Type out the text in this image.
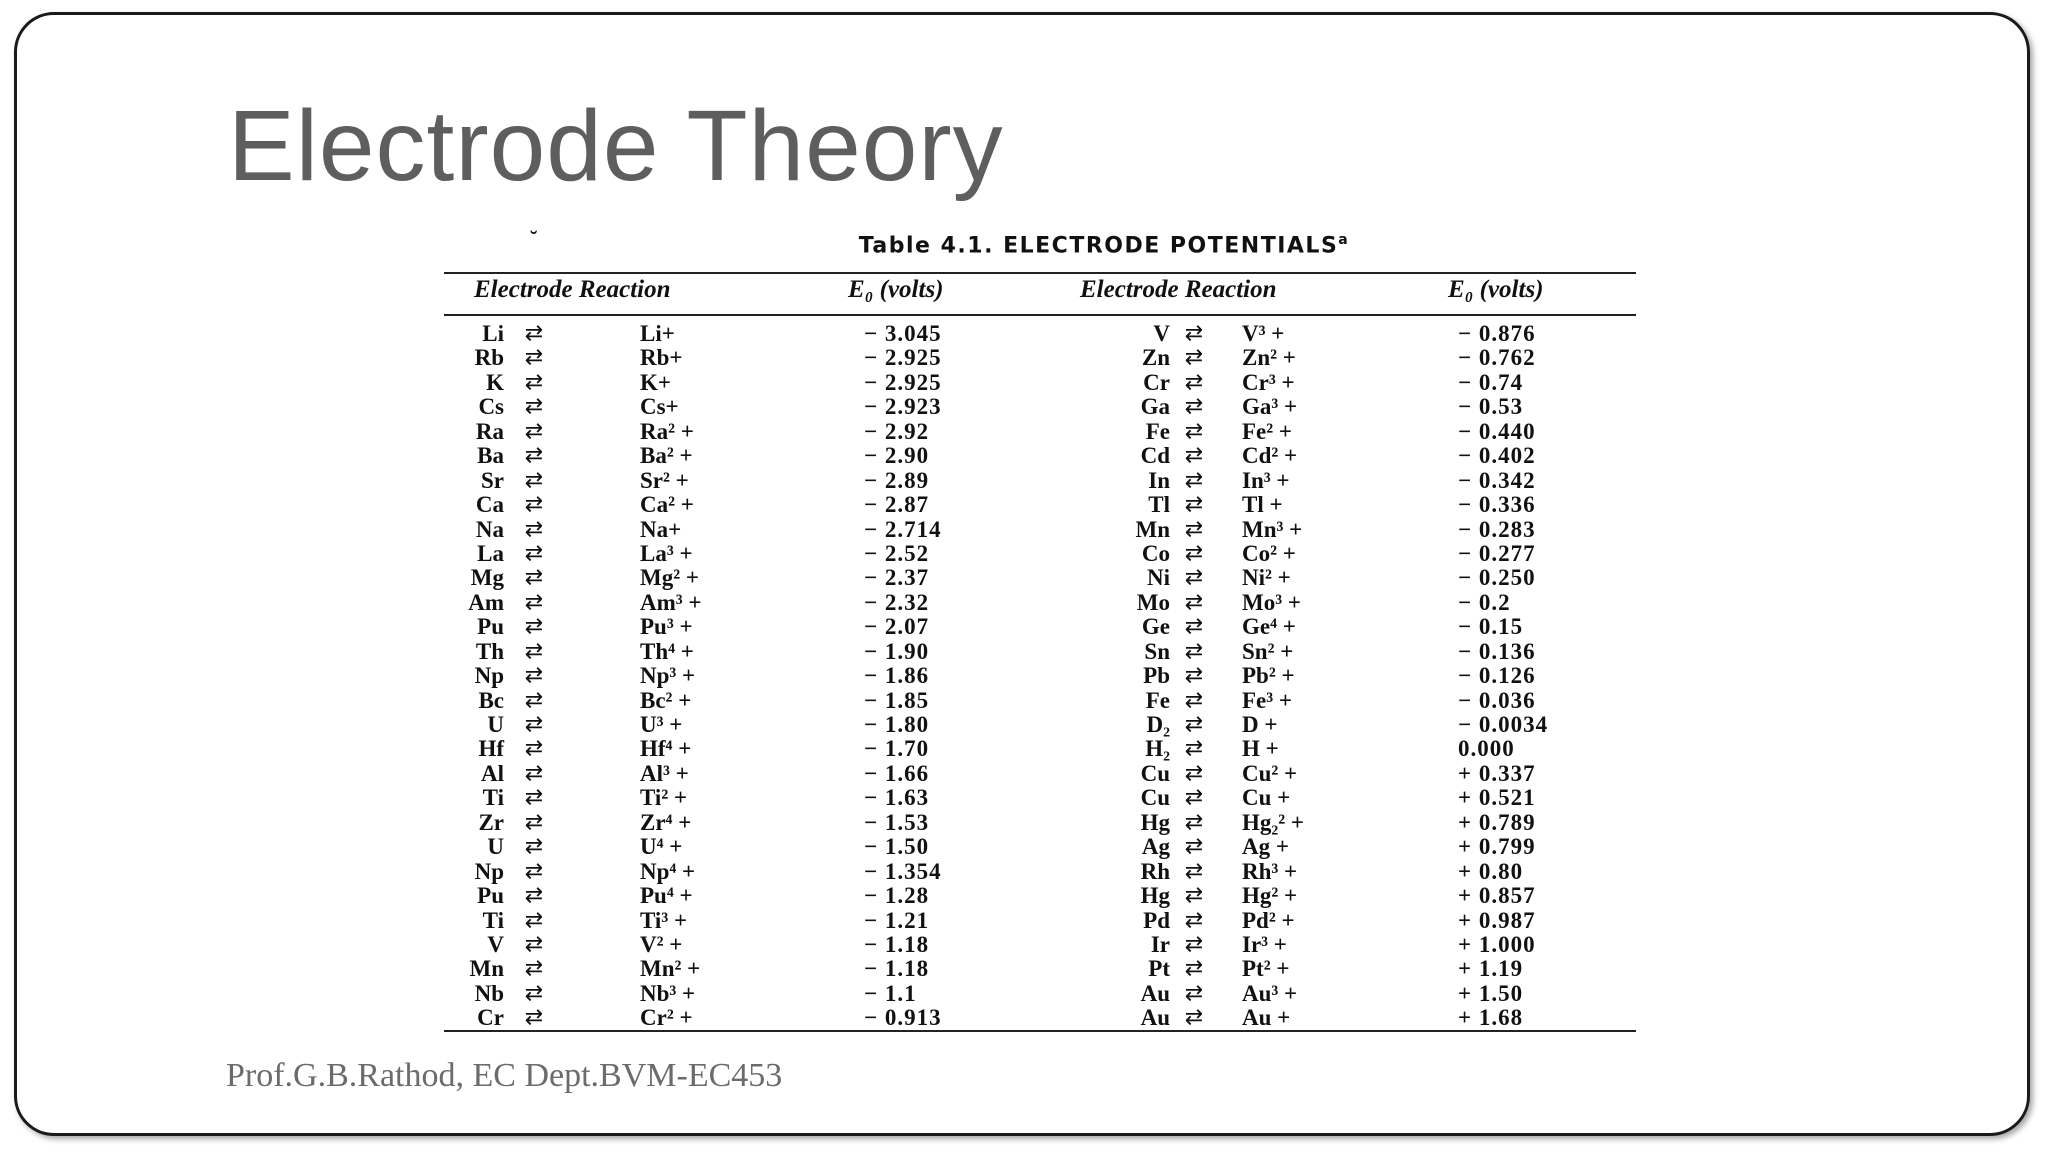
Electrode Theory
˘	Table 4.1. ELECTRODE POTENTIALS$^a$
Electrode Reaction	E₀ (volts)	Electrode Reaction	E₀ (volts)
Li ⇄	Li+	− 3.045	V ⇄	V³ +	− 0.876
Rb ⇄	Rb+	− 2.925	Zn ⇄	Zn² +	− 0.762
K ⇄	K+	− 2.925	Cr ⇄	Cr³ +	− 0.74
Cs ⇄	Cs+	− 2.923	Ga ⇄	Ga³ +	− 0.53
Ra ⇄	Ra² +	− 2.92	Fe ⇄	Fe² +	− 0.440
Ba ⇄	Ba² +	− 2.90	Cd ⇄	Cd² +	− 0.402
Sr ⇄	Sr² +	− 2.89	In ⇄	In³ +	− 0.342
Ca ⇄	Ca² +	− 2.87	Tl ⇄	Tl +	− 0.336
Na ⇄	Na+	− 2.714	Mn ⇄	Mn³ +	− 0.283
La ⇄	La³ +	− 2.52	Co ⇄	Co² +	− 0.277
Mg ⇄	Mg² +	− 2.37	Ni ⇄	Ni² +	− 0.250
Am ⇄	Am³ +	− 2.32	Mo ⇄	Mo³ +	− 0.2
Pu ⇄	Pu³ +	− 2.07	Ge ⇄	Ge⁴ +	− 0.15
Th ⇄	Th⁴ +	− 1.90	Sn ⇄	Sn² +	− 0.136
Np ⇄	Np³ +	− 1.86	Pb ⇄	Pb² +	− 0.126
Bc ⇄	Bc² +	− 1.85	Fe ⇄	Fe³ +	− 0.036
U ⇄	U³ +	− 1.80	D₂ ⇄	D +	− 0.0034
Hf ⇄	Hf⁴ +	− 1.70	H₂ ⇄	H +	0.000
Al ⇄	Al³ +	− 1.66	Cu ⇄	Cu² +	+ 0.337
Ti ⇄	Ti² +	− 1.63	Cu ⇄	Cu +	+ 0.521
Zr ⇄	Zr⁴ +	− 1.53	Hg ⇄	Hg₂² +	+ 0.789
U ⇄	U⁴ +	− 1.50	Ag ⇄	Ag +	+ 0.799
Np ⇄	Np⁴ +	− 1.354	Rh ⇄	Rh³ +	+ 0.80
Pu ⇄	Pu⁴ +	− 1.28	Hg ⇄	Hg² +	+ 0.857
Ti ⇄	Ti³ +	− 1.21	Pd ⇄	Pd² +	+ 0.987
V ⇄	V² +	− 1.18	Ir ⇄	Ir³ +	+ 1.000
Mn ⇄	Mn² +	− 1.18	Pt ⇄	Pt² +	+ 1.19
Nb ⇄	Nb³ +	− 1.1	Au ⇄	Au³ +	+ 1.50
Cr ⇄	Cr² +	− 0.913	Au ⇄	Au +	+ 1.68
Prof.G.B.Rathod, EC Dept.BVM-EC453
